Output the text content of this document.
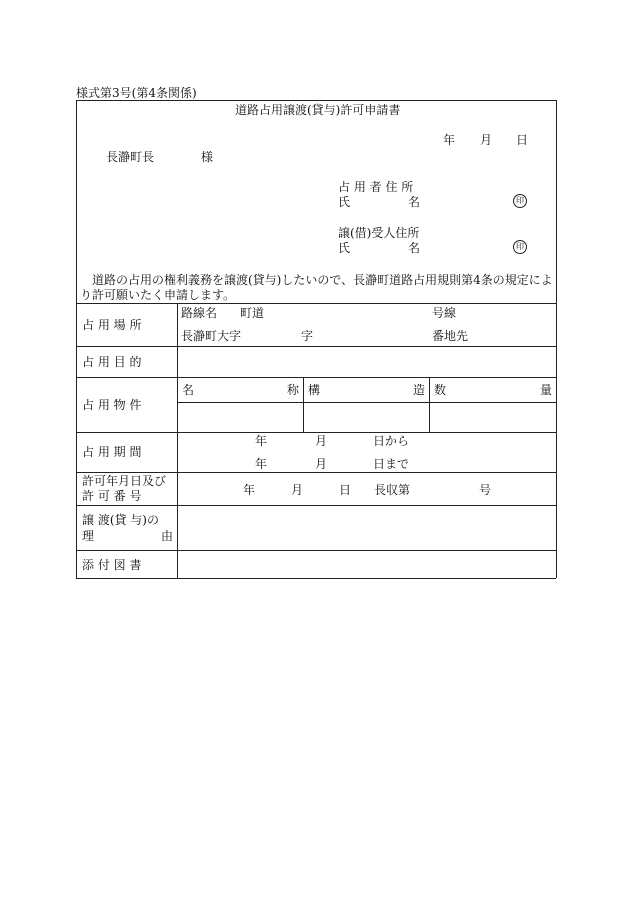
様式第3号(第4条関係)
道路占用譲渡(貸与)許可申請書
年 月 日
長瀞町長	様
占 用 者 住 所
氏	名	印
譲(借)受人住所
氏	名	印
道路の占用の権利義務を譲渡(貸与)したいので、長瀞町道路占用規則第4条の規定によ
り許可願いたく申請します。
占 用 場 所
路線名 町道	号線
長瀞町大字	字	番地先
占 用 目 的
占 用 物 件
名	称 構	造 数	量
占 用 期 間
年	月	日から
年	月	日まで
許可年月日及び
許 可 番 号	年	月	日 長収第	号
譲 渡(貸 与)の
理	由
添 付 図 書
